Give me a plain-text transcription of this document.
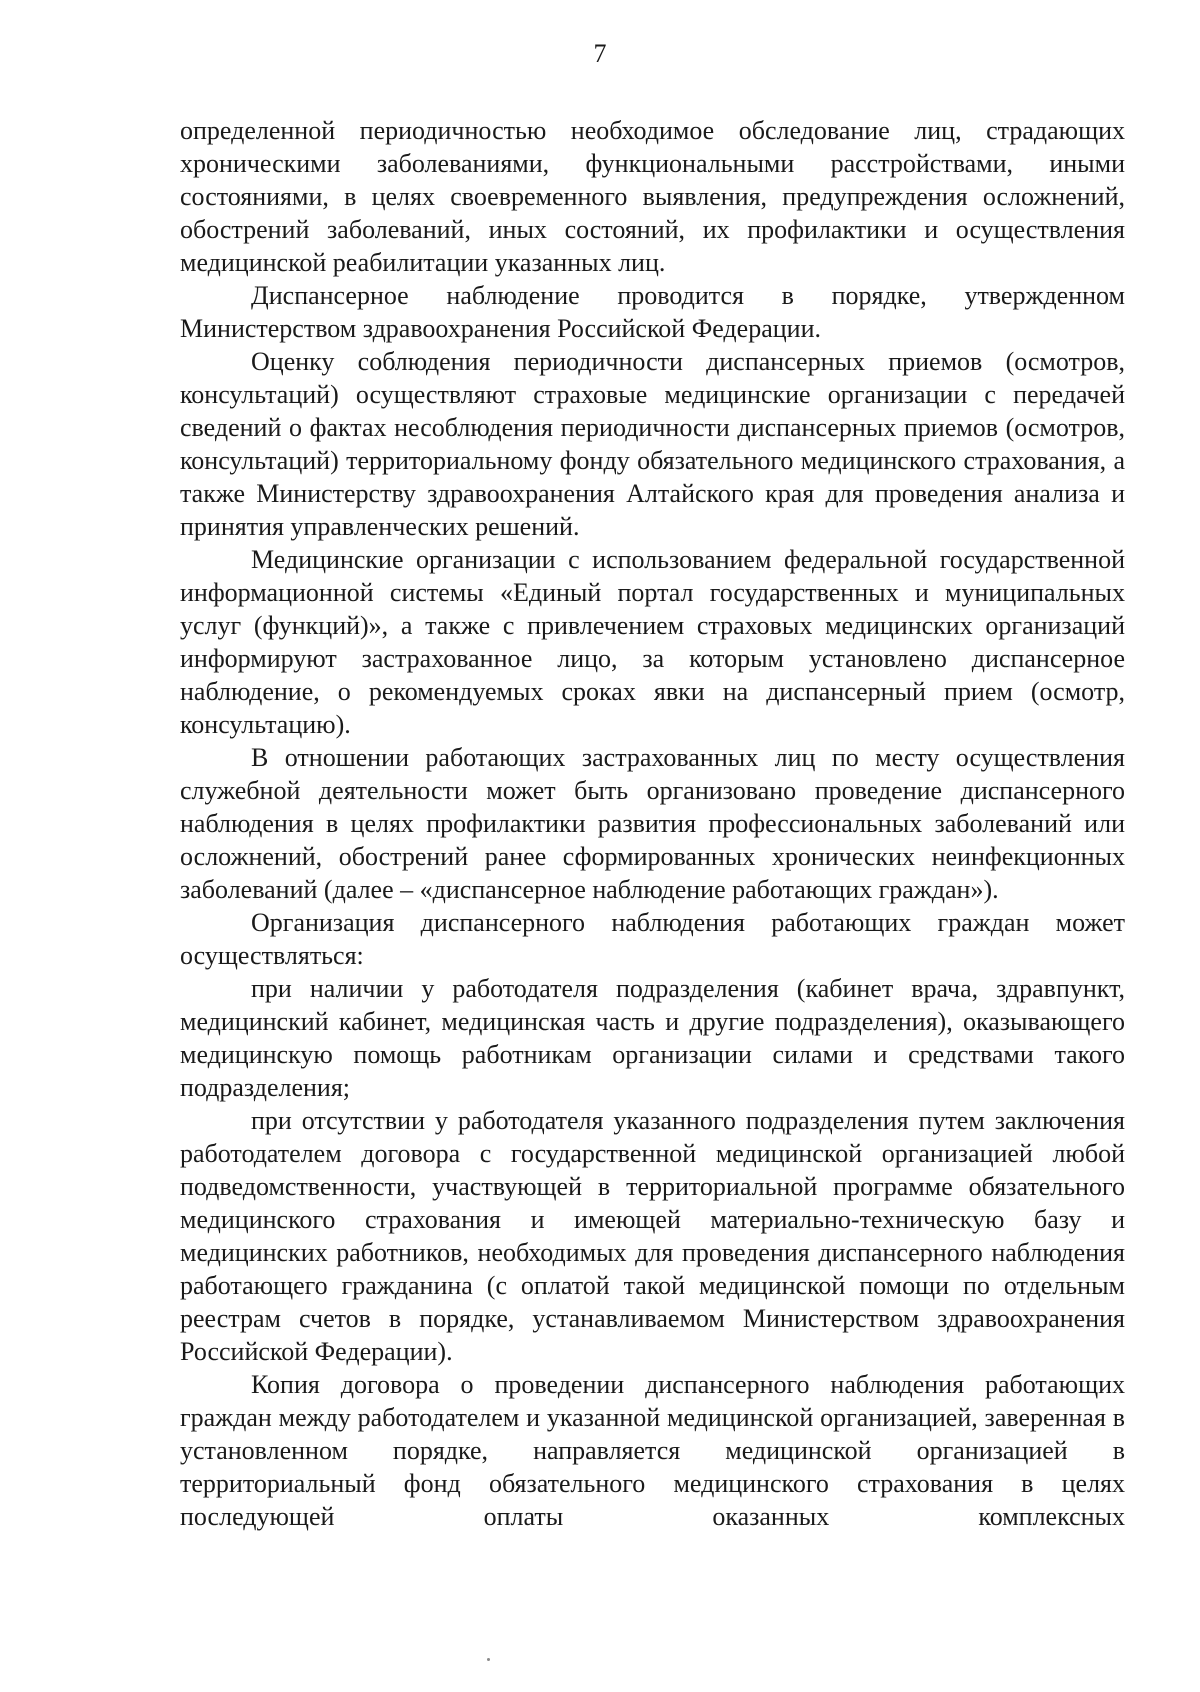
7

определенной периодичностью необходимое обследование лиц, страдающих хроническими заболеваниями, функциональными расстройствами, иными состояниями, в целях своевременного выявления, предупреждения осложнений, обострений заболеваний, иных состояний, их профилактики и осуществления медицинской реабилитации указанных лиц.

Диспансерное наблюдение проводится в порядке, утвержденном Министерством здравоохранения Российской Федерации.

Оценку соблюдения периодичности диспансерных приемов (осмотров, консультаций) осуществляют страховые медицинские организации с передачей сведений о фактах несоблюдения периодичности диспансерных приемов (осмотров, консультаций) территориальному фонду обязательного медицинского страхования, а также Министерству здравоохранения Алтайского края для проведения анализа и принятия управленческих решений.

Медицинские организации с использованием федеральной государственной информационной системы «Единый портал государственных и муниципальных услуг (функций)», а также с привлечением страховых медицинских организаций информируют застрахованное лицо, за которым установлено диспансерное наблюдение, о рекомендуемых сроках явки на диспансерный прием (осмотр, консультацию).

В отношении работающих застрахованных лиц по месту осуществления служебной деятельности может быть организовано проведение диспансерного наблюдения в целях профилактики развития профессиональных заболеваний или осложнений, обострений ранее сформированных хронических неинфекционных заболеваний (далее – «диспансерное наблюдение работающих граждан»).

Организация диспансерного наблюдения работающих граждан может осуществляться:

при наличии у работодателя подразделения (кабинет врача, здравпункт, медицинский кабинет, медицинская часть и другие подразделения), оказывающего медицинскую помощь работникам организации силами и средствами такого подразделения;

при отсутствии у работодателя указанного подразделения путем заключения работодателем договора с государственной медицинской организацией любой подведомственности, участвующей в территориальной программе обязательного медицинского страхования и имеющей материально-техническую базу и медицинских работников, необходимых для проведения диспансерного наблюдения работающего гражданина (с оплатой такой медицинской помощи по отдельным реестрам счетов в порядке, устанавливаемом Министерством здравоохранения Российской Федерации).

Копия договора о проведении диспансерного наблюдения работающих граждан между работодателем и указанной медицинской организацией, заверенная в установленном порядке, направляется медицинской организацией в территориальный фонд обязательного медицинского страхования в целях последующей оплаты оказанных комплексных
